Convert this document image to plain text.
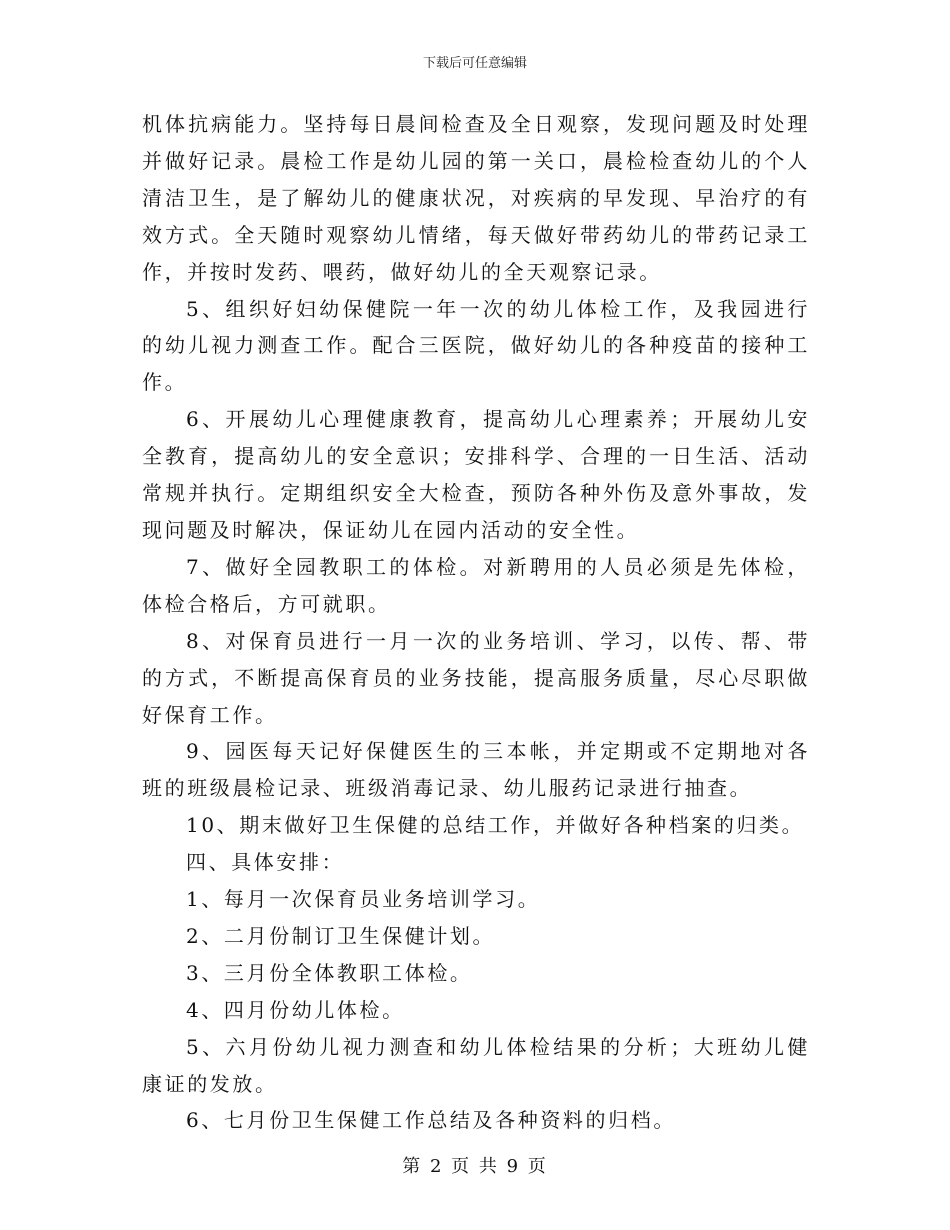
下载后可任意编辑

机体抗病能力。坚持每日晨间检查及全日观察，发现问题及时处理并做好记录。晨检工作是幼儿园的第一关口，晨检检查幼儿的个人清洁卫生，是了解幼儿的健康状况，对疾病的早发现、早治疗的有效方式。全天随时观察幼儿情绪，每天做好带药幼儿的带药记录工作，并按时发药、喂药，做好幼儿的全天观察记录。

5、组织好妇幼保健院一年一次的幼儿体检工作，及我园进行的幼儿视力测查工作。配合三医院，做好幼儿的各种疫苗的接种工作。

6、开展幼儿心理健康教育，提高幼儿心理素养；开展幼儿安全教育，提高幼儿的安全意识；安排科学、合理的一日生活、活动常规并执行。定期组织安全大检查，预防各种外伤及意外事故，发现问题及时解决，保证幼儿在园内活动的安全性。

7、做好全园教职工的体检。对新聘用的人员必须是先体检，体检合格后，方可就职。

8、对保育员进行一月一次的业务培训、学习，以传、帮、带的方式，不断提高保育员的业务技能，提高服务质量，尽心尽职做好保育工作。

9、园医每天记好保健医生的三本帐，并定期或不定期地对各班的班级晨检记录、班级消毒记录、幼儿服药记录进行抽查。

10、期末做好卫生保健的总结工作，并做好各种档案的归类。

四、具体安排：

1、每月一次保育员业务培训学习。

2、二月份制订卫生保健计划。

3、三月份全体教职工体检。

4、四月份幼儿体检。

5、六月份幼儿视力测查和幼儿体检结果的分析；大班幼儿健康证的发放。

6、七月份卫生保健工作总结及各种资料的归档。

第 2 页 共 9 页
